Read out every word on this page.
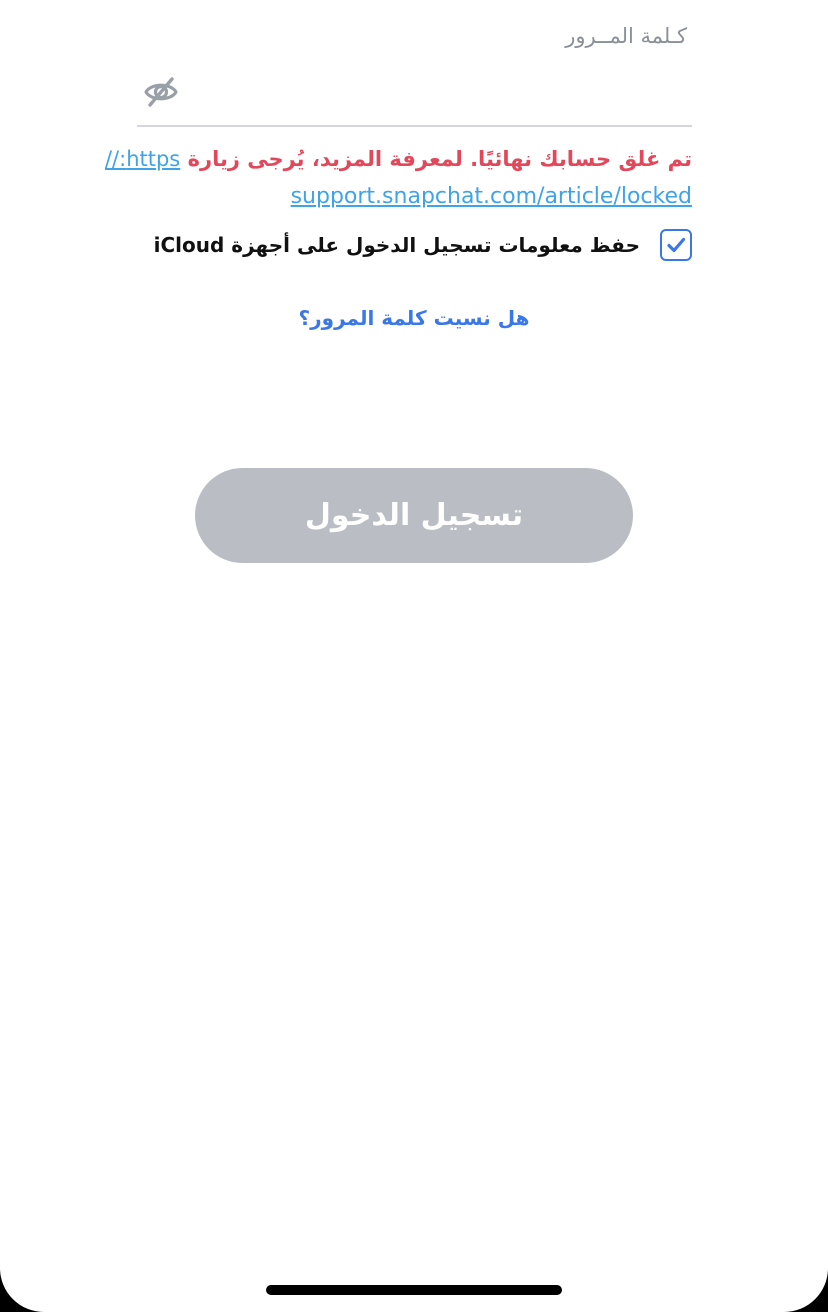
كـلمة المــرور
تم غلق حسابك نهائيًا. لمعرفة المزيد، يُرجى زيارة https://
support.snapchat.com/article/locked
حفظ معلومات تسجيل الدخول على أجهزة iCloud
هل نسيت كلمة المرور؟
تسجيل الدخول
